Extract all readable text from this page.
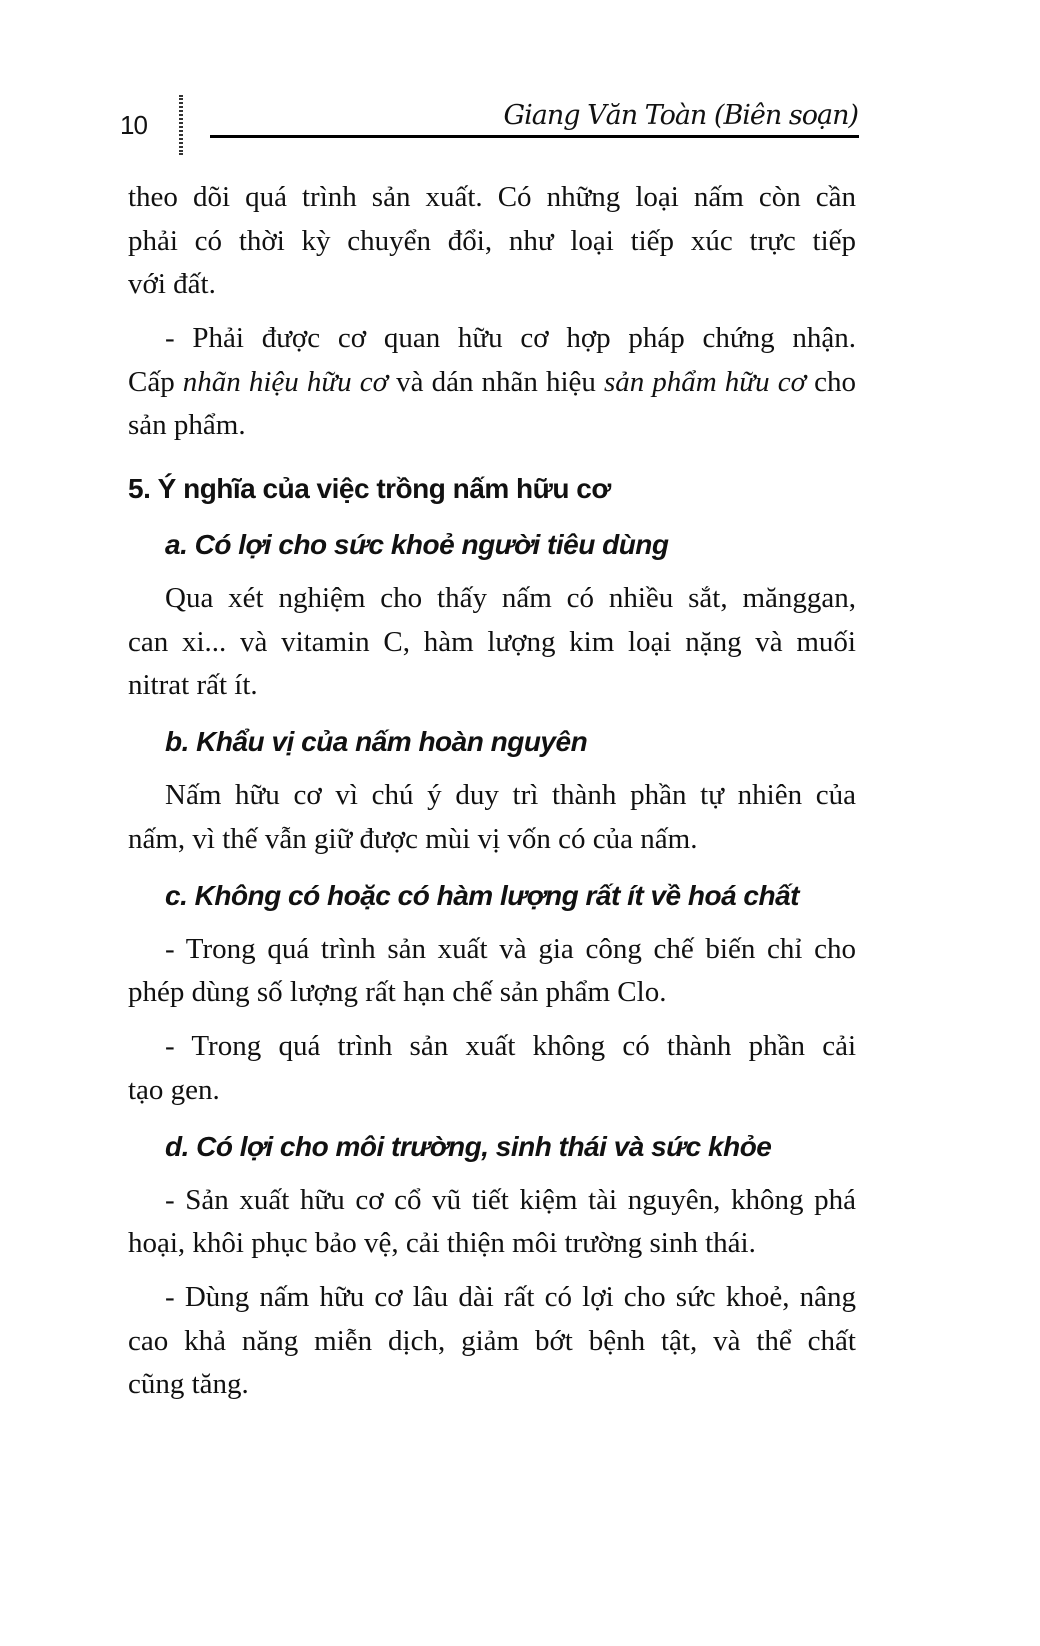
10	Giang Văn Toàn (Biên soạn)
theo dõi quá trình sản xuất. Có những loại nấm còn cần
phải có thời kỳ chuyển đổi, như loại tiếp xúc trực tiếp
với đất.
- Phải được cơ quan hữu cơ hợp pháp chứng nhận.
Cấp nhãn hiệu hữu cơ và dán nhãn hiệu sản phẩm hữu cơ cho
sản phẩm.
5. Ý nghĩa của việc trồng nấm hữu cơ
a. Có lợi cho sức khoẻ người tiêu dùng
Qua xét nghiệm cho thấy nấm có nhiều sắt, mănggan,
can xi... và vitamin C, hàm lượng kim loại nặng và muối
nitrat rất ít.
b. Khẩu vị của nấm hoàn nguyên
Nấm hữu cơ vì chú ý duy trì thành phần tự nhiên của
nấm, vì thế vẫn giữ được mùi vị vốn có của nấm.
c. Không có hoặc có hàm lượng rất ít về hoá chất
- Trong quá trình sản xuất và gia công chế biến chỉ cho
phép dùng số lượng rất hạn chế sản phẩm Clo.
- Trong quá trình sản xuất không có thành phần cải
tạo gen.
d. Có lợi cho môi trường, sinh thái và sức khỏe
- Sản xuất hữu cơ cổ vũ tiết kiệm tài nguyên, không phá
hoại, khôi phục bảo vệ, cải thiện môi trường sinh thái.
- Dùng nấm hữu cơ lâu dài rất có lợi cho sức khoẻ, nâng
cao khả năng miễn dịch, giảm bớt bệnh tật, và thể chất
cũng tăng.
